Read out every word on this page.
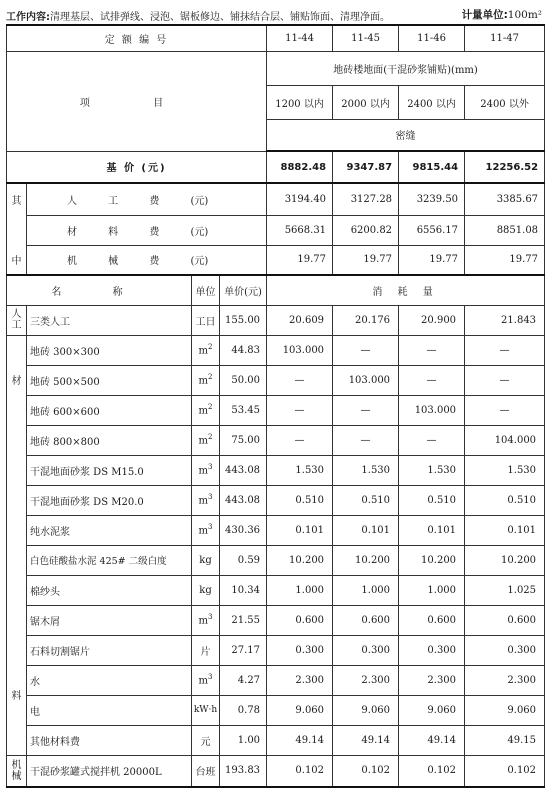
工作内容:清理基层、试排弹线、浸泡、锯板修边、铺抹结合层、铺贴饰面、清理净面。	计量单位:100m²
定 额 编 号				11-44	11-45	11-46	11-47
项 目				地砖楼地面(干混砂浆铺贴)(mm)			
				1200 以内	2000 以内	2400 以内	2400 以外
				密缝			
基 价 (元)				8882.48	9347.87	9815.44	12256.52
其	人 工 费 (元)			3194.40	3127.28	3239.50	3385.67
	材 料 费 (元)			5668.31	6200.82	6556.17	8851.08
中	机 械 费 (元)			19.77	19.77	19.77	19.77
名 称		单位	单价(元)	消 耗 量			
人工	三类人工	工日	155.00	20.609	20.176	20.900	21.843

材
料	地砖 300×300	$m^2$	44.83	103.000	—	—	—
	地砖 500×500	$m^2$	50.00	—	103.000	—	—
	地砖 600×600	$m^2$	53.45	—	—	103.000	—
	地砖 800×800	$m^2$	75.00	—	—	—	104.000
	干混地面砂浆 DS M15.0	$m^3$	443.08	1.530	1.530	1.530	1.530
	干混地面砂浆 DS M20.0	$m^3$	443.08	0.510	0.510	0.510	0.510
	纯水泥浆	$m^3$	430.36	0.101	0.101	0.101	0.101
	白色硅酸盐水泥 425# 二级白度	kg	0.59	10.200	10.200	10.200	10.200
	棉纱头	kg	10.34	1.000	1.000	1.000	1.025
	锯木屑	$m^3$	21.55	0.600	0.600	0.600	0.600
	石料切割锯片	片	27.17	0.300	0.300	0.300	0.300
	水	$m^3$	4.27	2.300	2.300	2.300	2.300
	电	kW·h	0.78	9.060	9.060	9.060	9.060
	其他材料费	元	1.00	49.14	49.14	49.14	49.15
机械	干混砂浆罐式搅拌机 20000L	台班	193.83	0.102	0.102	0.102	0.102
